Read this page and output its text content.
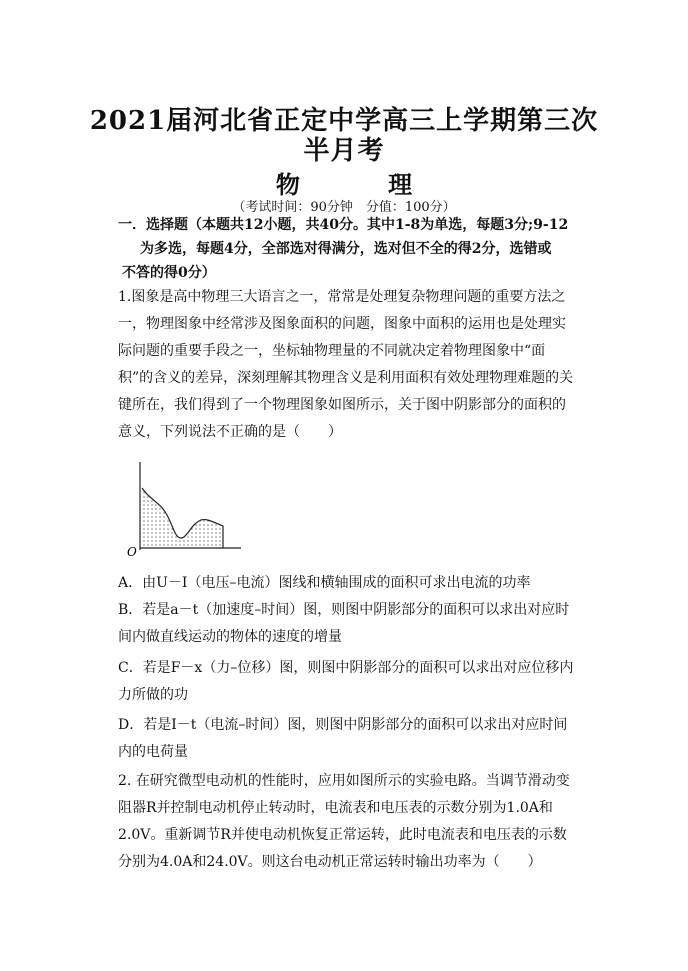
2021届河北省正定中学高三上学期第三次
半月考
物 理
（考试时间：90分钟　分值：100分）
一．选择题（本题共12小题，共40分。其中1-8为单选，每题3分;9-12
为多选，每题4分，全部选对得满分，选对但不全的得2分，选错或
不答的得0分）
1.图象是高中物理三大语言之一，常常是处理复杂物理问题的重要方法之一，物理图象中经常涉及图象面积的问题，图象中面积的运用也是处理实际问题的重要手段之一，坐标轴物理量的不同就决定着物理图象中“面积”的含义的差异，深刻理解其物理含义是利用面积有效处理物理难题的关键所在，我们得到了一个物理图象如图所示，关于图中阴影部分的面积的意义，下列说法不正确的是（　　）
O
A．由U－I（电压–电流）图线和横轴围成的面积可求出电流的功率
B．若是a－t（加速度–时间）图，则图中阴影部分的面积可以求出对应时间内做直线运动的物体的速度的增量
C．若是F－x（力–位移）图，则图中阴影部分的面积可以求出对应位移内力所做的功
D．若是I－t（电流–时间）图，则图中阴影部分的面积可以求出对应时间内的电荷量
2. 在研究微型电动机的性能时，应用如图所示的实验电路。当调节滑动变阻器R并控制电动机停止转动时，电流表和电压表的示数分别为1.0A和2.0V。重新调节R并使电动机恢复正常运转，此时电流表和电压表的示数分别为4.0A和24.0V。则这台电动机正常运转时输出功率为（　　）
